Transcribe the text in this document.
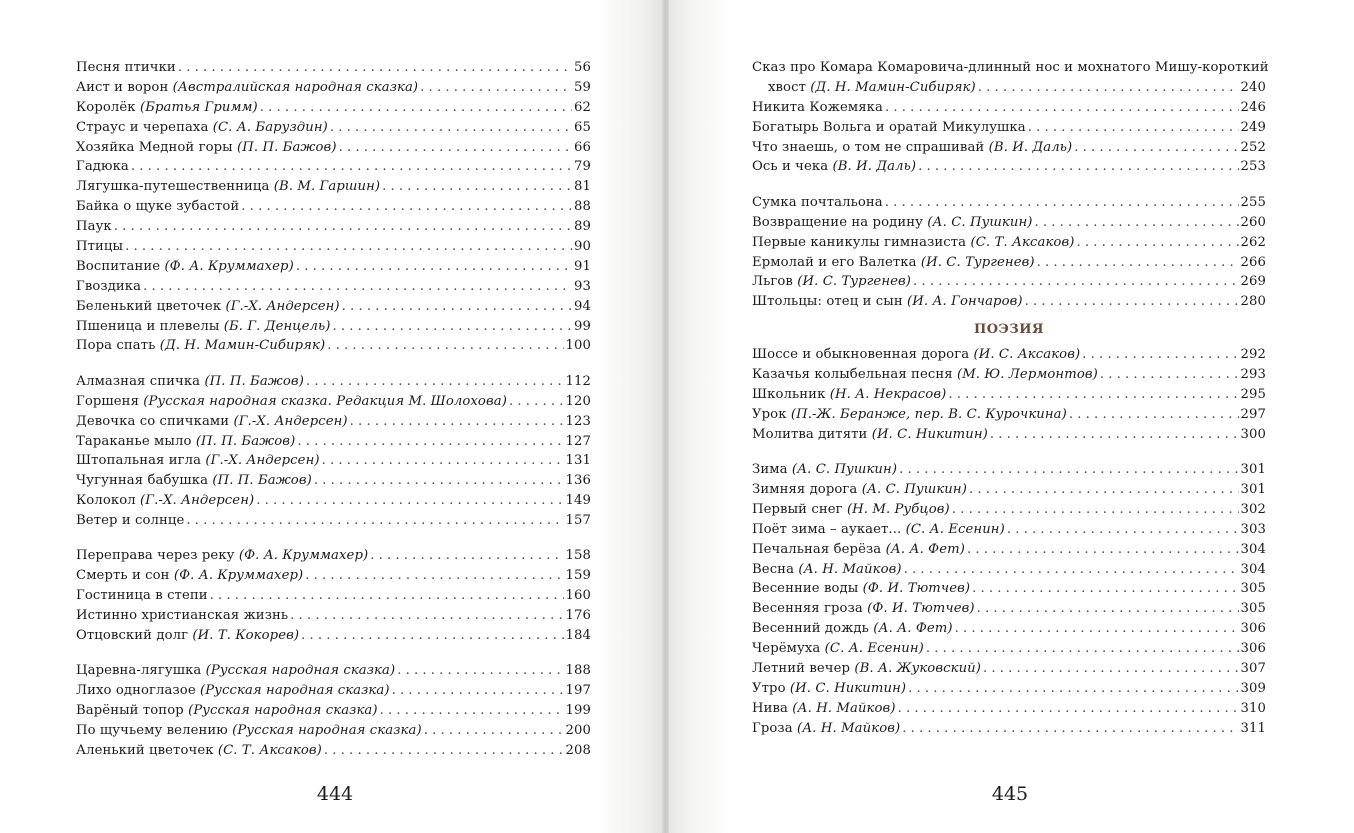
Песня птички . . .	56
Аист и ворон (Австралийская народная сказка) . . .	59
Королёк (Братья Гримм) . . .	62
Страус и черепаха (С. А. Баруздин) . . .	65
Хозяйка Медной горы (П. П. Бажов) . . .	66
Гадюка . . .	79
Лягушка-путешественница (В. М. Гаршин) . . .	81
Байка о щуке зубастой . . .	88
Паук . . .	89
Птицы . . .	90
Воспитание (Ф. А. Круммахер) . . .	91
Гвоздика . . .	93
Беленький цветочек (Г.-Х. Андерсен) . . .	94
Пшеница и плевелы (Б. Г. Денцель) . . .	99
Пора спать (Д. Н. Мамин-Сибиряк) . . .	100
Алмазная спичка (П. П. Бажов) . . .	112
Горшеня (Русская народная сказка. Редакция М. Шолохова) . . .	120
Девочка со спичками (Г.-Х. Андерсен) . . .	123
Тараканье мыло (П. П. Бажов) . . .	127
Штопальная игла (Г.-Х. Андерсен) . . .	131
Чугунная бабушка (П. П. Бажов) . . .	136
Колокол (Г.-Х. Андерсен) . . .	149
Ветер и солнце . . .	157
Переправа через реку (Ф. А. Круммахер) . . .	158
Смерть и сон (Ф. А. Круммахер) . . .	159
Гостиница в степи . . .	160
Истинно христианская жизнь . . .	176
Отцовский долг (И. Т. Кокорев) . . .	184
Царевна-лягушка (Русская народная сказка) . . .	188
Лихо одноглазое (Русская народная сказка) . . .	197
Варёный топор (Русская народная сказка) . . .	199
По щучьему велению (Русская народная сказка) . . .	200
Аленький цветочек (С. Т. Аксаков) . . .	208
444
Сказ про Комара Комаровича-длинный нос и мохнатого Мишу-короткий
хвост (Д. Н. Мамин-Сибиряк) . . .	240
Никита Кожемяка . . .	246
Богатырь Вольга и оратай Микулушка . . .	249
Что знаешь, о том не спрашивай (В. И. Даль) . . .	252
Ось и чека (В. И. Даль) . . .	253
Сумка почтальона . . .	255
Возвращение на родину (А. С. Пушкин) . . .	260
Первые каникулы гимназиста (С. Т. Аксаков) . . .	262
Ермолай и его Валетка (И. С. Тургенев) . . .	266
Льгов (И. С. Тургенев) . . .	269
Штольцы: отец и сын (И. А. Гончаров) . . .	280
ПОЭЗИЯ
Шоссе и обыкновенная дорога (И. С. Аксаков) . . .	292
Казачья колыбельная песня (М. Ю. Лермонтов) . . .	293
Школьник (Н. А. Некрасов) . . .	295
Урок (П.-Ж. Беранже, пер. В. С. Курочкина) . . .	297
Молитва дитяти (И. С. Никитин) . . .	300
Зима (А. С. Пушкин) . . .	301
Зимняя дорога (А. С. Пушкин) . . .	301
Первый снег (Н. М. Рубцов) . . .	302
Поёт зима – аукает... (С. А. Есенин) . . .	303
Печальная берёза (А. А. Фет) . . .	304
Весна (А. Н. Майков) . . .	304
Весенние воды (Ф. И. Тютчев) . . .	305
Весенняя гроза (Ф. И. Тютчев) . . .	305
Весенний дождь (А. А. Фет) . . .	306
Черёмуха (С. А. Есенин) . . .	306
Летний вечер (В. А. Жуковский) . . .	307
Утро (И. С. Никитин) . . .	309
Нива (А. Н. Майков) . . .	310
Гроза (А. Н. Майков) . . .	311
445
